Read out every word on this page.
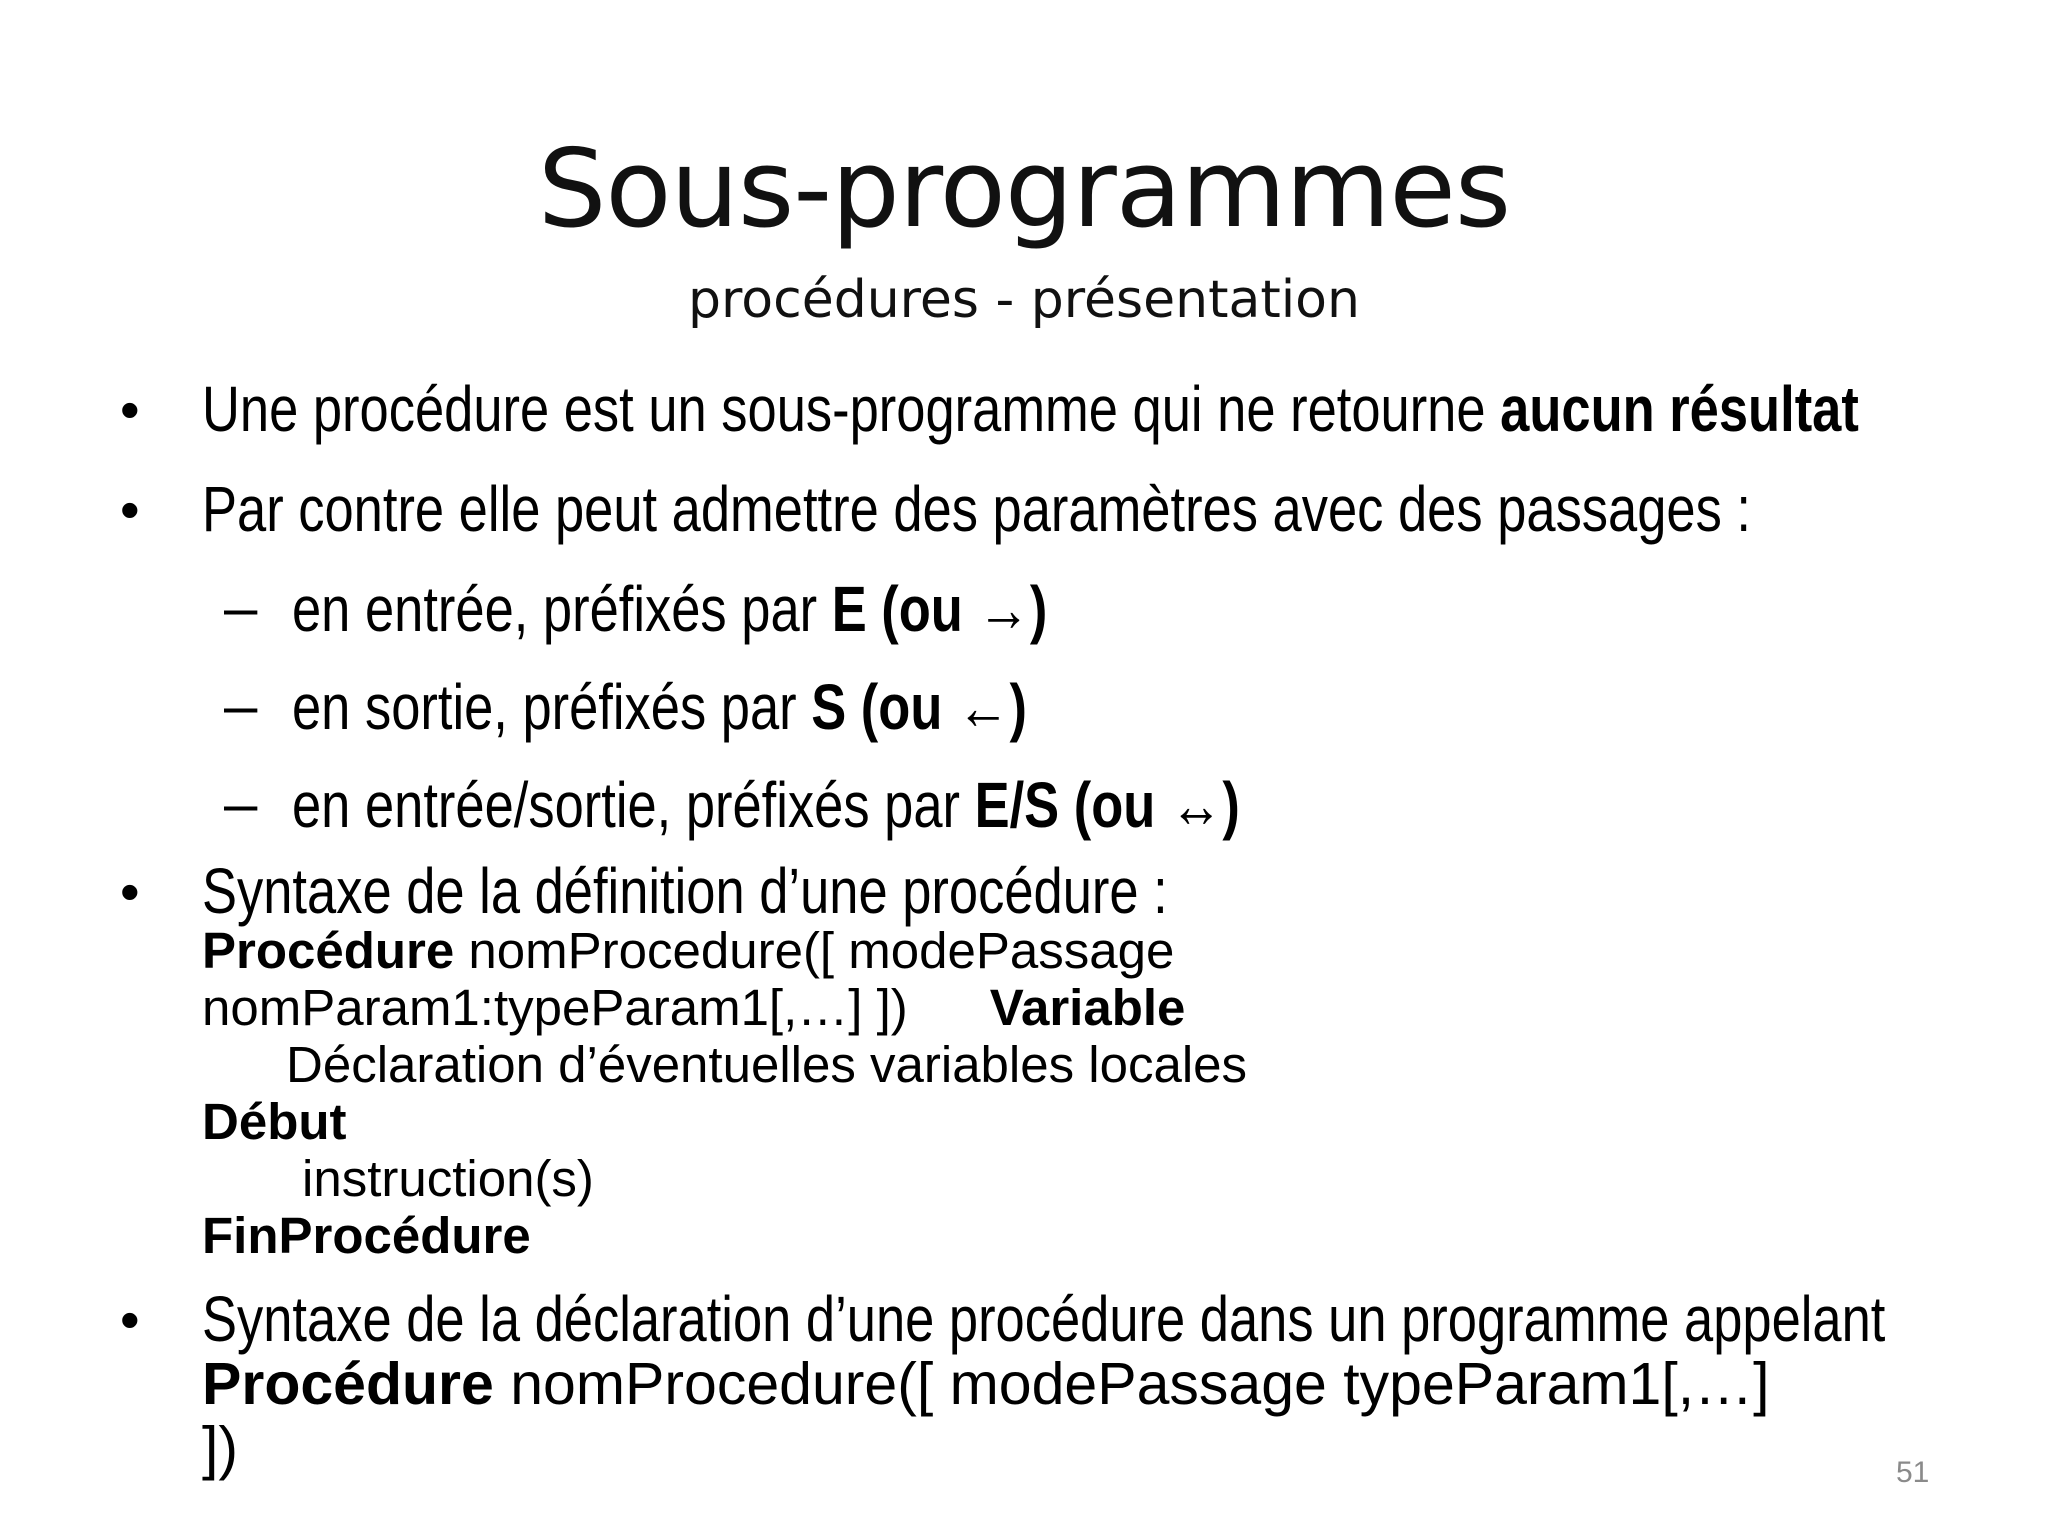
Sous-programmes
procédures - présentation
• Une procédure est un sous-programme qui ne retourne aucun résultat
• Par contre elle peut admettre des paramètres avec des passages :
– en entrée, préfixés par E (ou →)
– en sortie, préfixés par S (ou ←)
– en entrée/sortie, préfixés par E/S (ou ↔)
• Syntaxe de la définition d’une procédure :
Procédure nomProcedure([ modePassage
nomParam1:typeParam1[,…] ]) Variable
Déclaration d’éventuelles variables locales
Début
instruction(s)
FinProcédure
• Syntaxe de la déclaration d’une procédure dans un programme appelant
Procédure nomProcedure([ modePassage typeParam1[,…]
])	51
